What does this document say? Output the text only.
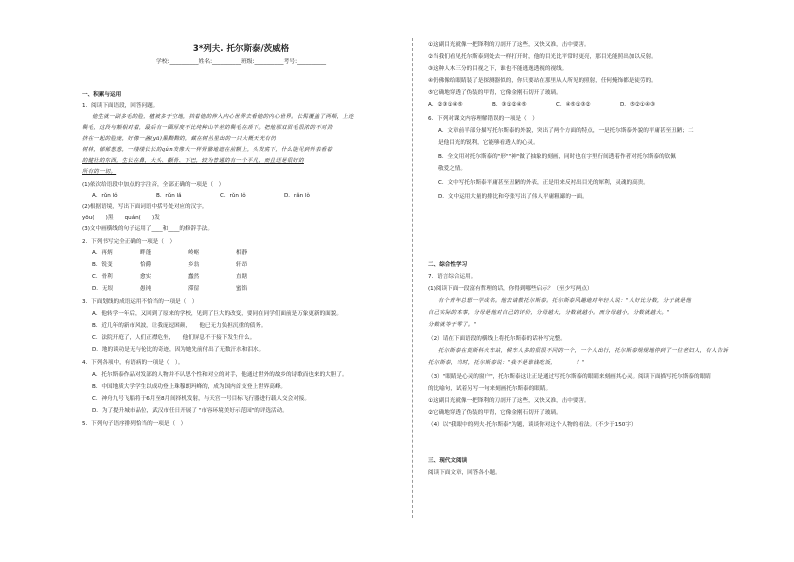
3*列夫. 托尔斯泰/茨威格
学校:__________姓名:__________班级:__________考号:__________
一、积累与运用
1．阅读下面语段，回答问题。
他生就一副多毛的脸，植被多于空地，挡着他的伸入内心世界去看他的内心世界。长髯覆盖了两颊，上连
鬓毛，这段与额相对着，最后有一圈厚度不比纯种山羊差的鬓毛在颈下。把他那双眉毛很浓的不对劲
挤在一起的脸庞，好像一盏(yū)黑黝黝的，藏在树丛里出的一只大概天光有仍
树林，郁郁葱葱，一缕缕长长的qún发像大一样骨骼地遮在前额上，头发底下，什么能见到外表看着
的健壮的东西，生长在鼻，大头、颧骨、下巴，较为普通的有一个平凡，而且还是很好的
所有的一切。
(1)依次给语段中加点的字注音，全部正确的一项是（　）
A．rǔn lǒ	B．rǔn lǎ	C．rǔn lǒ	D．rǎn lǒ
(2)根据语境，写出下面词语中括号处对应的汉字。
yōu(　　)黑　　quán(　　)发
(3)文中画横线的句子运用了____和____的修辞手法。
2．下列书写完全正确的一项是（　）
A．再炳	畔蓬	岭岖	相静
B．锐变	恰爵	乡翁	轩昂
C．骨利	愈实	蠢然	直瞎
D．无垠	愚钝	滞留	蜜馅
3．下面划线的成语运用不恰当的一项是（　）
A．他转学一年后，又回到了原来的学校，见到了巨大的改变，要同在同学们面前是万象更新的面貌。
B．近几年的新市风波，让我庞逗困颜，　　他已无力负担沉重的债务。
C．法院开庭了，人们正襟危坐，　　他们屏息不于接下发生什么。
D．地的谈功是无与伦比的奇迹，因为她先前付出了无数汗水和泪水。
4．下列各项中，有语病的一项是（　）。
A．托尔斯泰作品对发部的人物并不认思个性和对立的对手，他通过世外的故乡的诗歌而也来的大胆了。
B．中国地质大学学生以成功登上珠穆朗玛峰的，成为国内首支登上世界高峰。
C．神舟九号飞船将于6月至8月间择机发射，与天宫一号目标飞行器进行载人交会对接。
D．为了提升城市品位，武汉市任日开展了 "市容环境美好示范园"的评选活动。
5．下列句子语序排列恰当的一项是（　）
①这副目光就像一把锋利的刀剖开了这些，又快又准，击中要害。
②当我们看见托尔斯泰到处去一样打开时，他的目光比平常时更亮，那目光能照出加以反射。
③这种人木三分的目视之下，谁也不能逃逸透视的视线。
④仍佛像给眼睛装了是探测器似的，你只要站在那里从人所见的照射，任何掩饰都是徒劳的。
⑤它确地穿透了伪装的甲胄，它像金刚石切开了玻璃。
A．②③①④⑤	B．③①②④⑤	C．④⑤①③②	D．⑤②①④③
6．下列对课文内容理解错误的一项是（　）
A．文章前半部分描写托尔斯泰的外貌，突出了两个方面的特点，一是托尔斯泰外貌的平庸甚至丑陋；二
是他目光的锐利，它能够看透人的心灵。
B．全文用对托尔斯泰的"形""神"做了抽象的刻画，同时也在字里行间透着作者对托尔斯泰的钦佩
敬爱之情。
C．文中写托尔斯泰平庸甚至丑陋的外表，正是用来反衬出目光的犀利，灵魂的高贵。
D．文中运用大量的排比和夸张写出了伟人平庸粗鄙的一面。
二、综合性学习
7．语言综合运用。
(1)阅读下面一段富有哲理的话，你得到哪些启示？（至少写两点）
有个青年总想一学成名。他去请教托尔斯泰。托尔斯泰风趣地对年轻人说："人好比分数，分子就是他
自己实际的本事，分母是他对自己的评价，分母越大，分数就越小。而分母越小，分数就越大。"
分数就等于零了。"
（2）请在下面语段的横线上将托尔斯泰的话补写完整。
托尔斯泰在莫斯科火车站，候车人多的很很不同的一个，一个人出行，托尔斯泰规规地停到了一位老妇人，有人告诉
托尔斯泰，当时，托尔斯泰说："我不是靠钱吃饭，　　　　！"
（3）"眼睛是心灵的窗户"，托尔斯泰这让正是通过写托尔斯泰的眼睛来刻画其心灵。阅读下面描写托尔斯泰的眼睛
的比喻句，试着另写一句来刻画托尔斯泰的眼睛。
①这副目光就像一把锋利的刀剖开了这些，又快又准，击中要害。
②它确地穿透了伪装的甲胄，它像金刚石切开了玻璃。
（4）以"我眼中的列夫·托尔斯泰"为题，谈谈你对这个人物的看法。（不少于150字）
三、现代文阅读
阅读下面文章，回答各小题。
